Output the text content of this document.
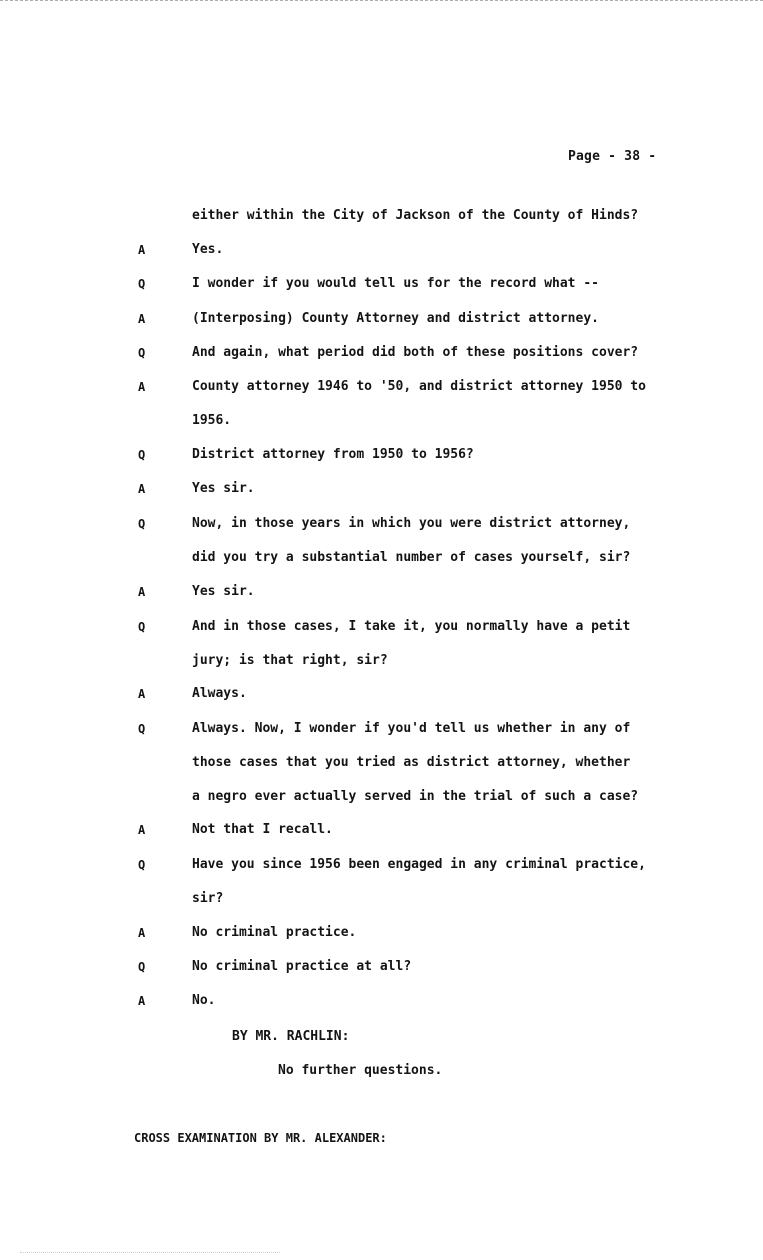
Page - 38 -
either within the City of Jackson of the County of Hinds?
A	Yes.
Q	I wonder if you would tell us for the record what --
A	(Interposing) County Attorney and district attorney.
Q	And again, what period did both of these positions cover?
A	County attorney 1946 to '50, and district attorney 1950 to
1956.
Q	District attorney from 1950 to 1956?
A	Yes sir.
Q	Now, in those years in which you were district attorney,
did you try a substantial number of cases yourself, sir?
A	Yes sir.
Q	And in those cases, I take it, you normally have a petit
jury; is that right, sir?
A	Always.
Q	Always. Now, I wonder if you'd tell us whether in any of
those cases that you tried as district attorney, whether
a negro ever actually served in the trial of such a case?
A	Not that I recall.
Q	Have you since 1956 been engaged in any criminal practice,
sir?
A	No criminal practice.
Q	No criminal practice at all?
A	No.
BY MR. RACHLIN:
No further questions.
CROSS EXAMINATION BY MR. ALEXANDER:
